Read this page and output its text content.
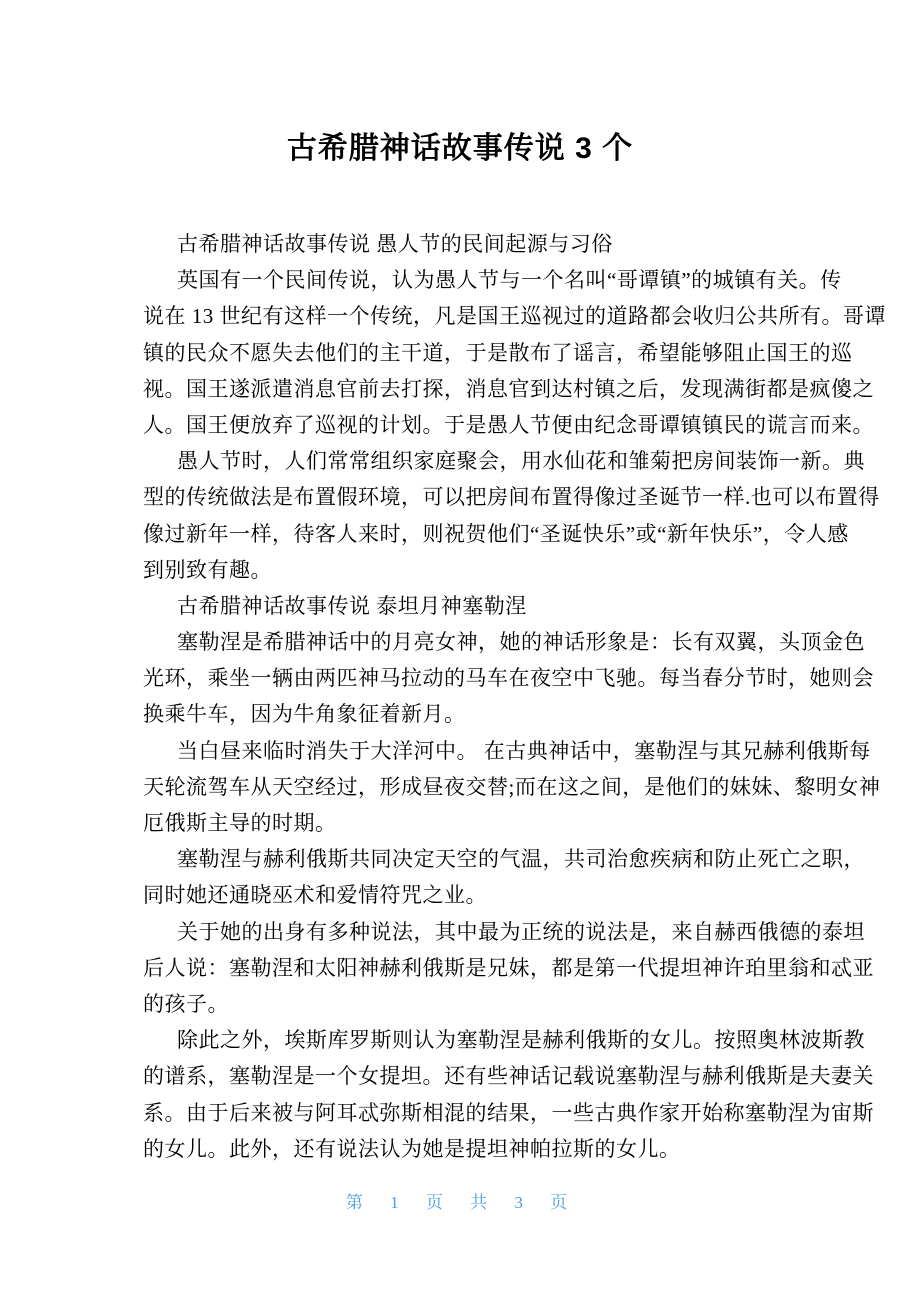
古希腊神话故事传说 3 个
古希腊神话故事传说 愚人节的民间起源与习俗
英国有一个民间传说，认为愚人节与一个名叫“哥谭镇”的城镇有关。传
说在 13 世纪有这样一个传统，凡是国王巡视过的道路都会收归公共所有。哥谭
镇的民众不愿失去他们的主干道，于是散布了谣言，希望能够阻止国王的巡
视。国王遂派遣消息官前去打探，消息官到达村镇之后，发现满街都是疯傻之
人。国王便放弃了巡视的计划。于是愚人节便由纪念哥谭镇镇民的谎言而来。
愚人节时，人们常常组织家庭聚会，用水仙花和雏菊把房间装饰一新。典
型的传统做法是布置假环境，可以把房间布置得像过圣诞节一样.也可以布置得
像过新年一样，待客人来时，则祝贺他们“圣诞快乐”或“新年快乐”，令人感
到别致有趣。
古希腊神话故事传说 泰坦月神塞勒涅
塞勒涅是希腊神话中的月亮女神，她的神话形象是：长有双翼，头顶金色
光环，乘坐一辆由两匹神马拉动的马车在夜空中飞驰。每当春分节时，她则会
换乘牛车，因为牛角象征着新月。
当白昼来临时消失于大洋河中。 在古典神话中，塞勒涅与其兄赫利俄斯每
天轮流驾车从天空经过，形成昼夜交替;而在这之间，是他们的妹妹、黎明女神
厄俄斯主导的时期。
塞勒涅与赫利俄斯共同决定天空的气温，共司治愈疾病和防止死亡之职，
同时她还通晓巫术和爱情符咒之业。
关于她的出身有多种说法，其中最为正统的说法是，来自赫西俄德的泰坦
后人说：塞勒涅和太阳神赫利俄斯是兄妹，都是第一代提坦神许珀里翁和忒亚
的孩子。
除此之外，埃斯库罗斯则认为塞勒涅是赫利俄斯的女儿。按照奥林波斯教
的谱系，塞勒涅是一个女提坦。还有些神话记载说塞勒涅与赫利俄斯是夫妻关
系。由于后来被与阿耳忒弥斯相混的结果，一些古典作家开始称塞勒涅为宙斯
的女儿。此外，还有说法认为她是提坦神帕拉斯的女儿。
第 1 页 共 3 页
